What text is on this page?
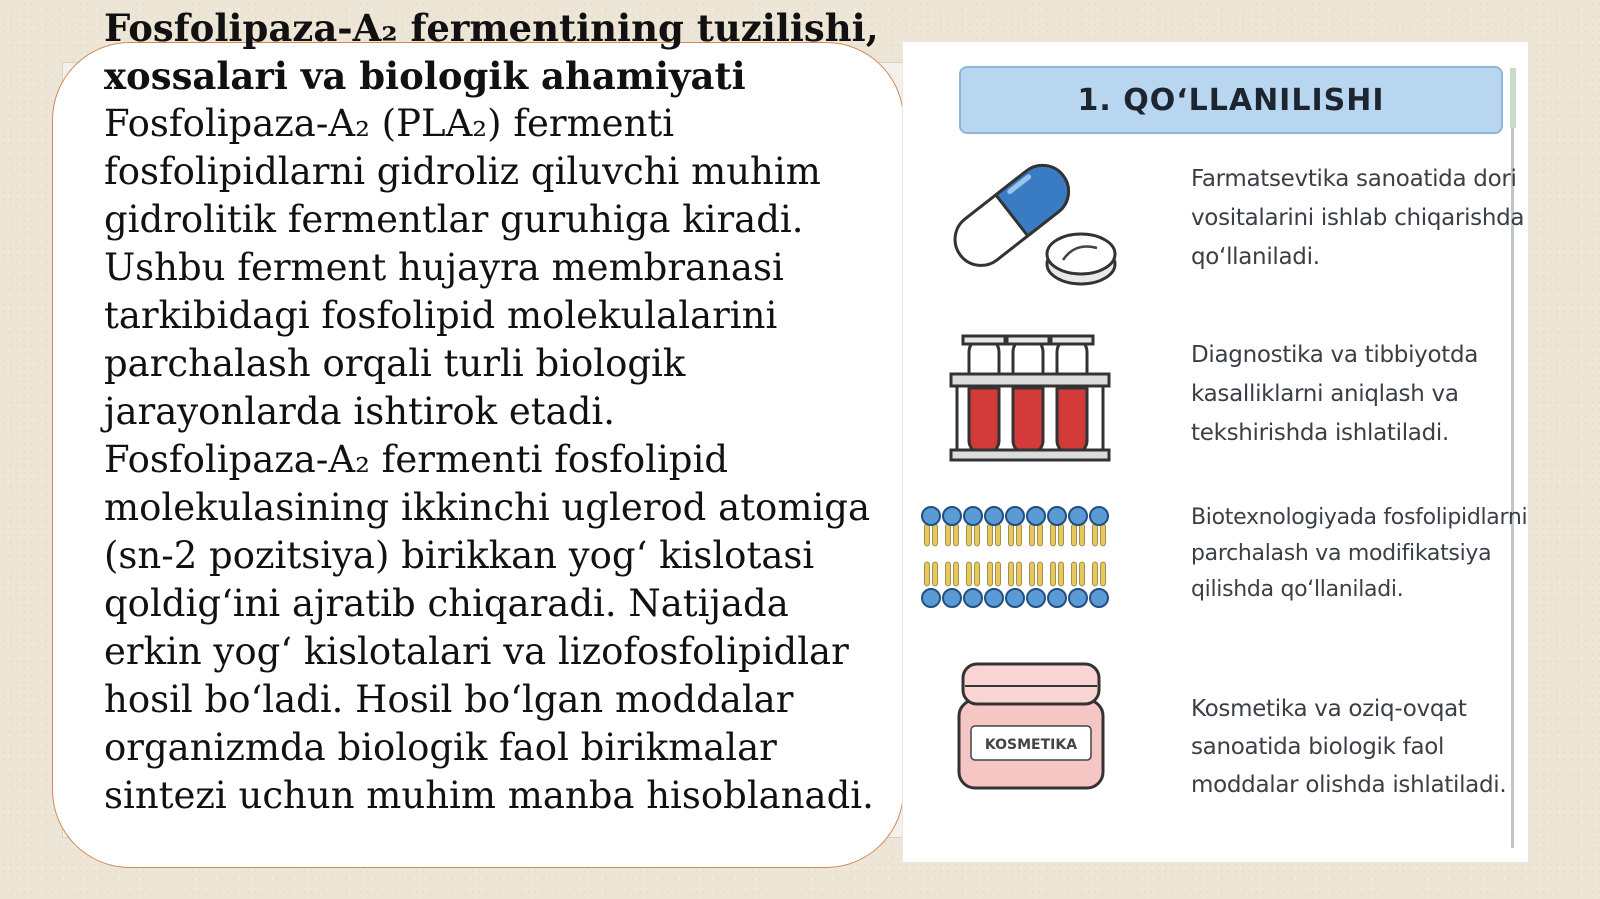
Fosfolipaza-A₂ fermentining tuzilishi, xossalari va biologik ahamiyati

Fosfolipaza-A₂ (PLA₂) fermenti fosfolipidlarni gidroliz qiluvchi muhim gidrolitik fermentlar guruhiga kiradi. Ushbu ferment hujayra membranasi tarkibidagi fosfolipid molekulalarini parchalash orqali turli biologik jarayonlarda ishtirok etadi.

Fosfolipaza-A₂ fermenti fosfolipid molekulasining ikkinchi uglerod atomiga (sn-2 pozitsiya) birikkan yog‘ kislotasi qoldig‘ini ajratib chiqaradi. Natijada erkin yog‘ kislotalari va lizofosfolipidlar hosil bo‘ladi. Hosil bo‘lgan moddalar organizmda biologik faol birikmalar sintezi uchun muhim manba hisoblanadi.

1. QO‘LLANILISHI
Farmatsevtika sanoatida dori vositalarini ishlab chiqarishda qo‘llaniladi.
Diagnostika va tibbiyotda kasalliklarni aniqlash va tekshirishda ishlatiladi.
Biotexnologiyada fosfolipidlarni parchalash va modifikatsiya qilishda qo‘llaniladi.
KOSMETIKA
Kosmetika va oziq-ovqat sanoatida biologik faol moddalar olishda ishlatiladi.
